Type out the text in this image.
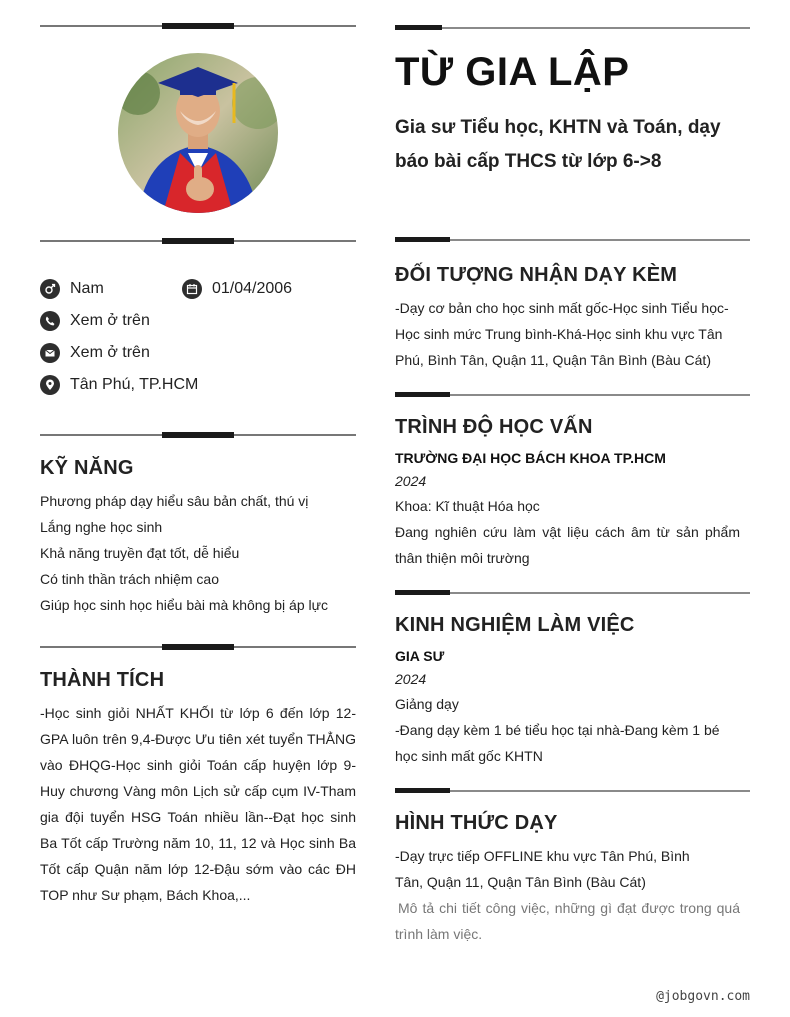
Nam	01/04/2006
Xem ở trên
Xem ở trên
Tân Phú, TP.HCM
KỸ NĂNG
Phương pháp dạy hiểu sâu bản chất, thú vị
Lắng nghe học sinh
Khả năng truyền đạt tốt, dễ hiểu
Có tinh thần trách nhiệm cao
Giúp học sinh học hiểu bài mà không bị áp lực
THÀNH TÍCH
-Học sinh giỏi NHẤT KHỐI từ lớp 6 đến lớp 12-GPA luôn trên 9,4-Được Ưu tiên xét tuyển THẲNG vào ĐHQG-Học sinh giỏi Toán cấp huyện lớp 9-Huy chương Vàng môn Lịch sử cấp cụm IV-Tham gia đội tuyển HSG Toán nhiều lần--Đạt học sinh Ba Tốt cấp Trường năm 10, 11, 12 và Học sinh Ba Tốt cấp Quận năm lớp 12-Đậu sớm vào các ĐH TOP như Sư phạm, Bách Khoa,...
TỪ GIA LẬP
Gia sư Tiểu học, KHTN và Toán, dạy báo bài cấp THCS từ lớp 6->8
ĐỐI TƯỢNG NHẬN DẠY KÈM
-Dạy cơ bản cho học sinh mất gốc-Học sinh Tiểu học-Học sinh mức Trung bình-Khá-Học sinh khu vực Tân Phú, Bình Tân, Quận 11, Quận Tân Bình (Bàu Cát)
TRÌNH ĐỘ HỌC VẤN
TRƯỜNG ĐẠI HỌC BÁCH KHOA TP.HCM
2024
Khoa: Kĩ thuật Hóa học
Đang nghiên cứu làm vật liệu cách âm từ sản phẩm thân thiện môi trường
KINH NGHIỆM LÀM VIỆC
GIA SƯ
2024
Giảng dạy
-Đang dạy kèm 1 bé tiểu học tại nhà-Đang kèm 1 bé học sinh mất gốc KHTN
HÌNH THỨC DẠY
-Dạy trực tiếp OFFLINE khu vực Tân Phú, Bình Tân, Quận 11, Quận Tân Bình (Bàu Cát)
Mô tả chi tiết công việc, những gì đạt được trong quá trình làm việc.
@jobgovn.com
